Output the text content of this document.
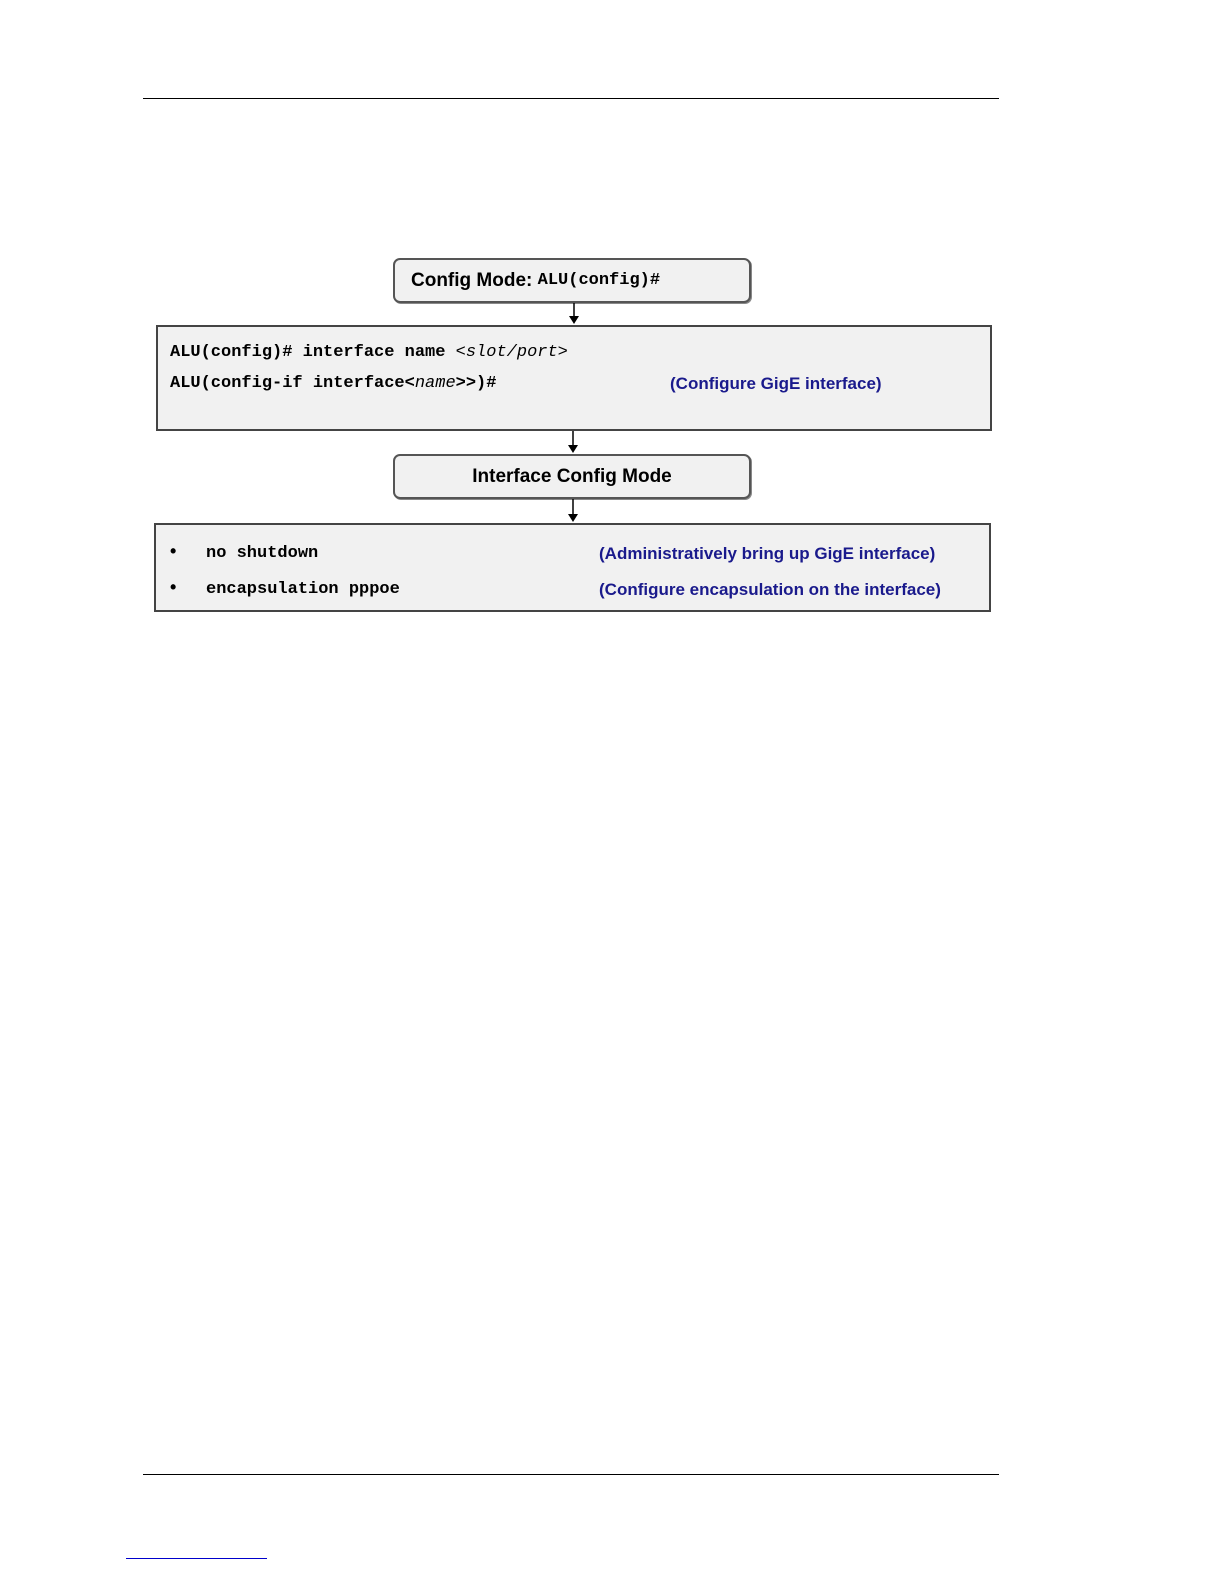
Config Mode:
ALU(config)#
ALU(config)# interface name <slot/port>
ALU(config-if interface<name>>)#	(Configure GigE interface)
Interface Config Mode
• no shutdown	(Administratively bring up GigE interface)
• encapsulation pppoe	(Configure encapsulation on the interface)
